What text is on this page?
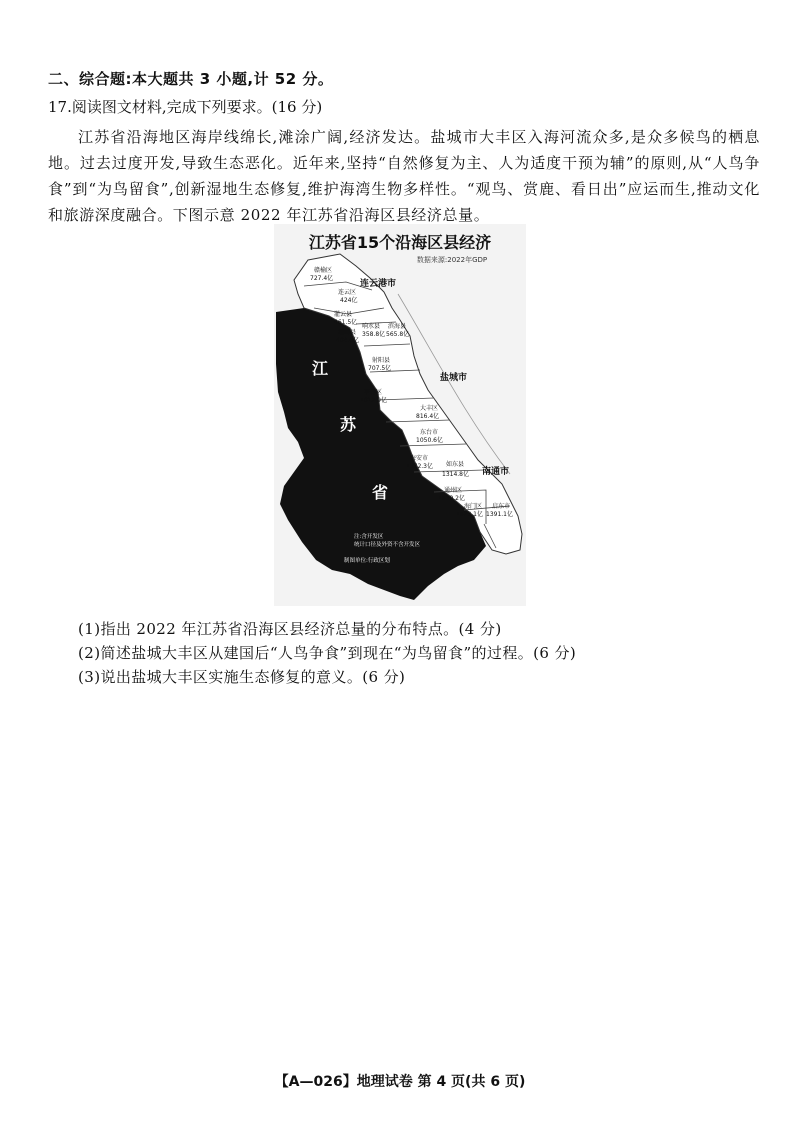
二、综合题:本大题共 3 小题,计 52 分。
17.阅读图文材料,完成下列要求。(16 分)
江苏省沿海地区海岸线绵长,滩涂广阔,经济发达。盐城市大丰区入海河流众多,是众多候鸟的栖息地。过去过度开发,导致生态恶化。近年来,坚持“自然修复为主、人为适度干预为辅”的原则,从“人鸟争食”到“为鸟留食”,创新湿地生态修复,维护海湾生物多样性。“观鸟、赏鹿、看日出”应运而生,推动文化和旅游深度融合。下图示意 2022 年江苏省沿海区县经济总量。
江苏省15个沿海区县经济
数据来源:2022年GDP
江
苏
省
连云港市
盐城市
南通市
赣榆区
727.4亿
连云区
424亿
灌云县
461.5亿
灌南县
404.6亿
响水县
358.8亿
滨海县
565.8亿
射阳县
707.5亿
亭湖区
1012.9亿
大丰区
816.4亿
东台市
1050.6亿
海安市
1372.3亿 如东县
1314.8亿
通州区
1639.2亿
海门区
1623.1亿
启东市
1391.1亿
注:含开发区
统计口径及外资不含开发区
制图单位:行政区划
(1)指出 2022 年江苏省沿海区县经济总量的分布特点。(4 分)
(2)简述盐城大丰区从建国后“人鸟争食”到现在“为鸟留食”的过程。(6 分)
(3)说出盐城大丰区实施生态修复的意义。(6 分)
【A—026】地理试卷 第 4 页(共 6 页)
